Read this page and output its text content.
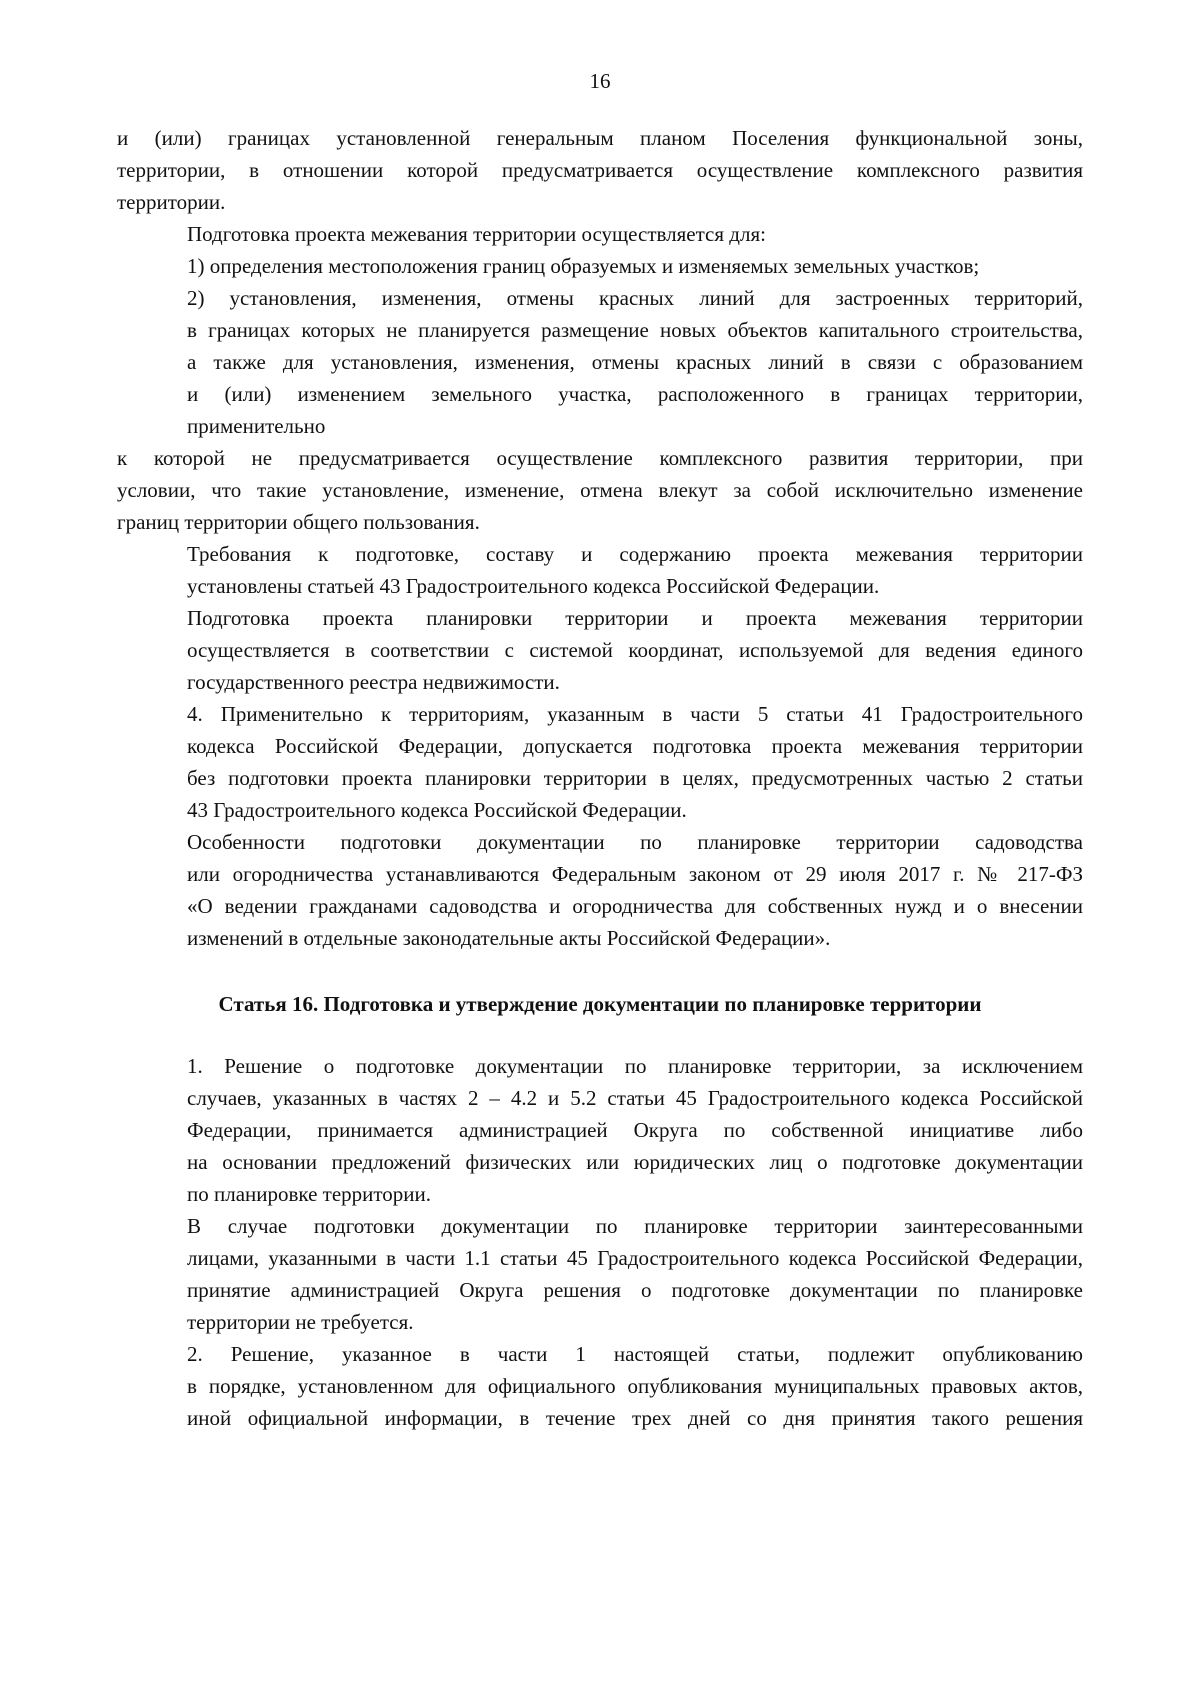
16
и (или) границах установленной генеральным планом Поселения функциональной зоны,
территории, в отношении которой предусматривается осуществление комплексного развития
территории.
Подготовка проекта межевания территории осуществляется для:
1) определения местоположения границ образуемых и изменяемых земельных участков;
2) установления, изменения, отмены красных линий для застроенных территорий,
в границах которых не планируется размещение новых объектов капитального строительства,
а также для установления, изменения, отмены красных линий в связи с образованием
и (или) изменением земельного участка, расположенного в границах территории,
применительно
к которой не предусматривается осуществление комплексного развития территории, при
условии, что такие установление, изменение, отмена влекут за собой исключительно изменение
границ территории общего пользования.
Требования к подготовке, составу и содержанию проекта межевания территории
установлены статьей 43 Градостроительного кодекса Российской Федерации.
Подготовка проекта планировки территории и проекта межевания территории
осуществляется в соответствии с системой координат, используемой для ведения единого
государственного реестра недвижимости.
4. Применительно к территориям, указанным в части 5 статьи 41 Градостроительного
кодекса Российской Федерации, допускается подготовка проекта межевания территории
без подготовки проекта планировки территории в целях, предусмотренных частью 2 статьи
43 Градостроительного кодекса Российской Федерации.
Особенности подготовки документации по планировке территории садоводства
или огородничества устанавливаются Федеральным законом от 29 июля 2017 г. № 217-ФЗ
«О ведении гражданами садоводства и огородничества для собственных нужд и о внесении
изменений в отдельные законодательные акты Российской Федерации».
Статья 16. Подготовка и утверждение документации по планировке территории
1. Решение о подготовке документации по планировке территории, за исключением
случаев, указанных в частях 2 – 4.2 и 5.2 статьи 45 Градостроительного кодекса Российской
Федерации, принимается администрацией Округа по собственной инициативе либо
на основании предложений физических или юридических лиц о подготовке документации
по планировке территории.
В случае подготовки документации по планировке территории заинтересованными
лицами, указанными в части 1.1 статьи 45 Градостроительного кодекса Российской Федерации,
принятие администрацией Округа решения о подготовке документации по планировке
территории не требуется.
2. Решение, указанное в части 1 настоящей статьи, подлежит опубликованию
в порядке, установленном для официального опубликования муниципальных правовых актов,
иной официальной информации, в течение трех дней со дня принятия такого решения
